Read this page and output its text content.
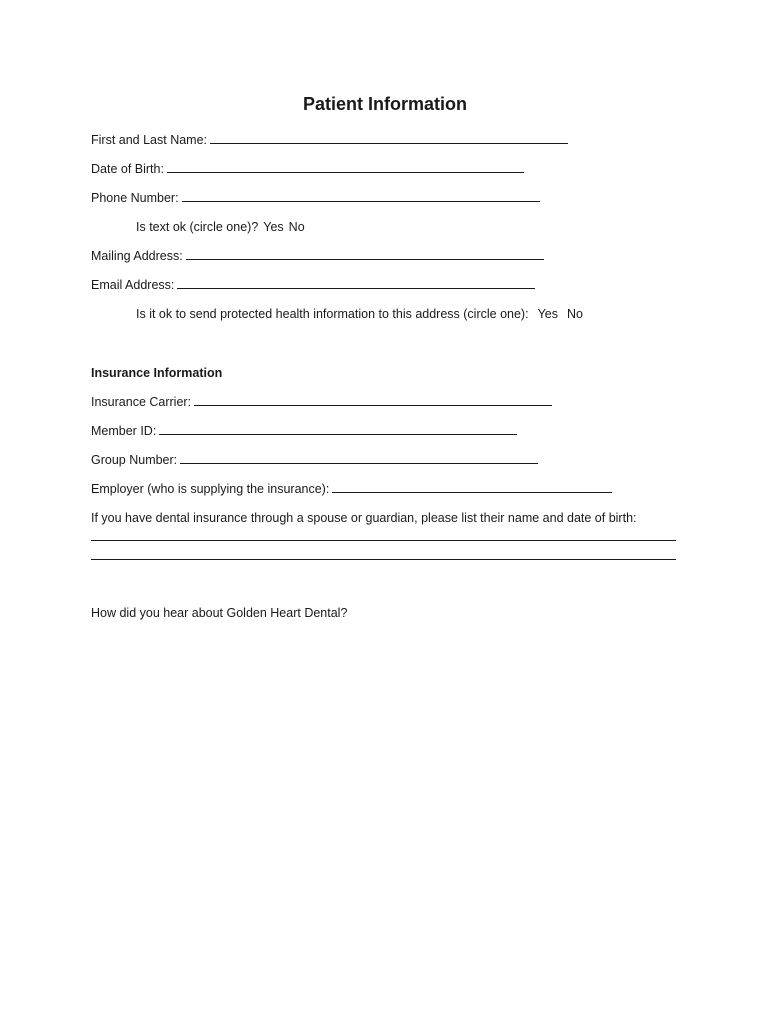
Patient Information
First and Last Name:
Date of Birth:
Phone Number:
Is text ok (circle one)? Yes No
Mailing Address:
Email Address:
Is it ok to send protected health information to this address (circle one): Yes No
Insurance Information
Insurance Carrier:
Member ID:
Group Number:
Employer (who is supplying the insurance):
If you have dental insurance through a spouse or guardian, please list their name and date of birth:
How did you hear about Golden Heart Dental?
